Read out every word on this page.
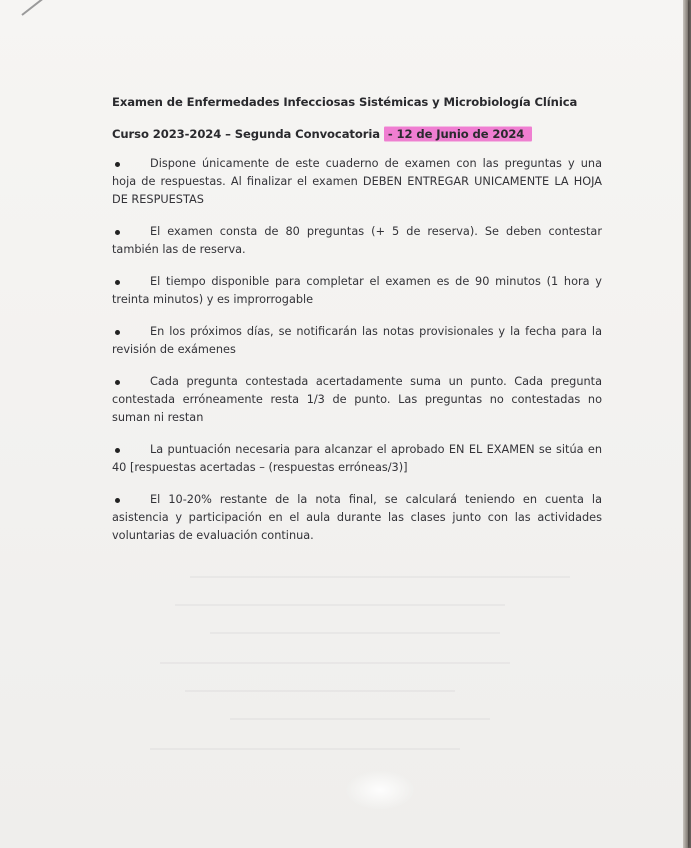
Examen de Enfermedades Infecciosas Sistémicas y Microbiología Clínica
Curso 2023-2024 – Segunda Convocatoria - 12 de Junio de 2024
Dispone únicamente de este cuaderno de examen con las preguntas y una hoja de respuestas. Al finalizar el examen DEBEN ENTREGAR UNICAMENTE LA HOJA DE RESPUESTAS
El examen consta de 80 preguntas (+ 5 de reserva). Se deben contestar también las de reserva.
El tiempo disponible para completar el examen es de 90 minutos (1 hora y treinta minutos) y es improrrogable
En los próximos días, se notificarán las notas provisionales y la fecha para la revisión de exámenes
Cada pregunta contestada acertadamente suma un punto. Cada pregunta contestada erróneamente resta 1/3 de punto. Las preguntas no contestadas no suman ni restan
La puntuación necesaria para alcanzar el aprobado EN EL EXAMEN se sitúa en 40 [respuestas acertadas – (respuestas erróneas/3)]
El 10-20% restante de la nota final, se calculará teniendo en cuenta la asistencia y participación en el aula durante las clases junto con las actividades voluntarias de evaluación continua.
